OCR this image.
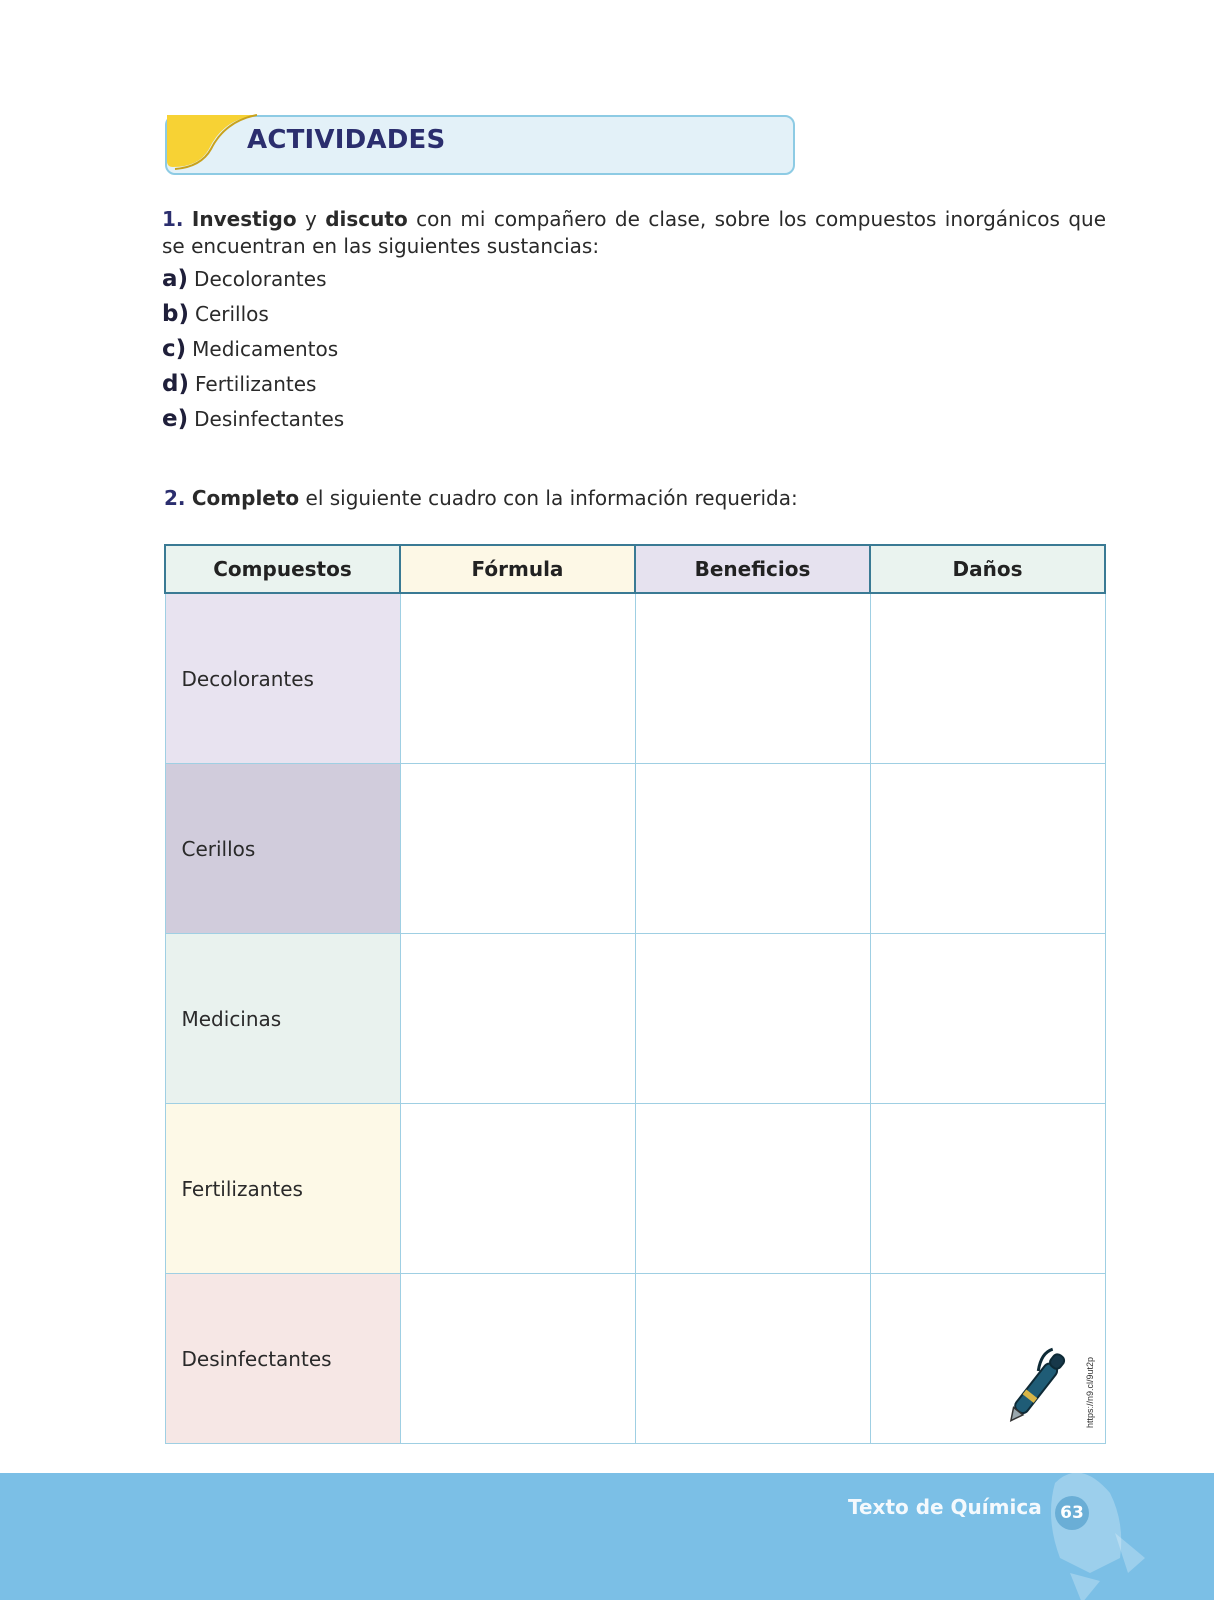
ACTIVIDADES
1. Investigo y discuto con mi compañero de clase, sobre los compuestos inorgánicos que se encuentran en las siguientes sustancias:
a) Decolorantes
b) Cerillos
c) Medicamentos
d) Fertilizantes
e) Desinfectantes
2. Completo el siguiente cuadro con la información requerida:
Compuestos	Fórmula	Beneficios	Daños
Decolorantes			
Cerillos			
Medicinas			
Fertilizantes			
Desinfectantes				https://n9.cl/9ut2p
Texto de Química	63
